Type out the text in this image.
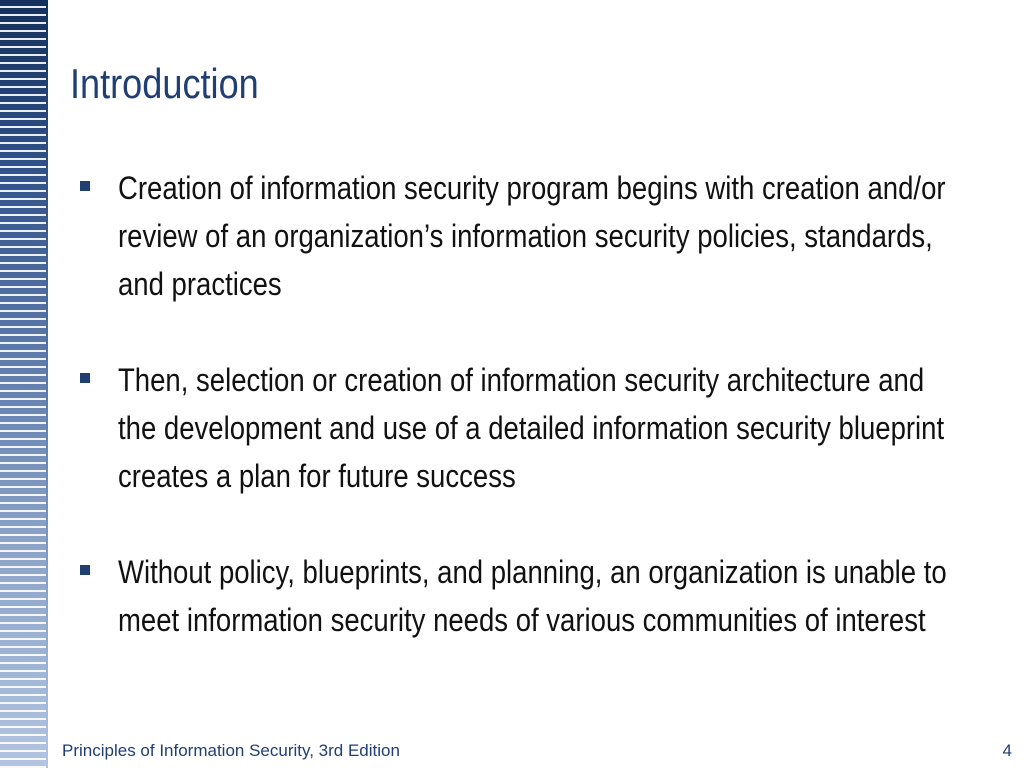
Introduction
Creation of information security program begins with creation and/or review of an organization’s information security policies, standards, and practices
Then, selection or creation of information security architecture and the development and use of a detailed information security blueprint creates a plan for future success
Without policy, blueprints, and planning, an organization is unable to meet information security needs of various communities of interest
Principles of Information Security, 3rd Edition	4
